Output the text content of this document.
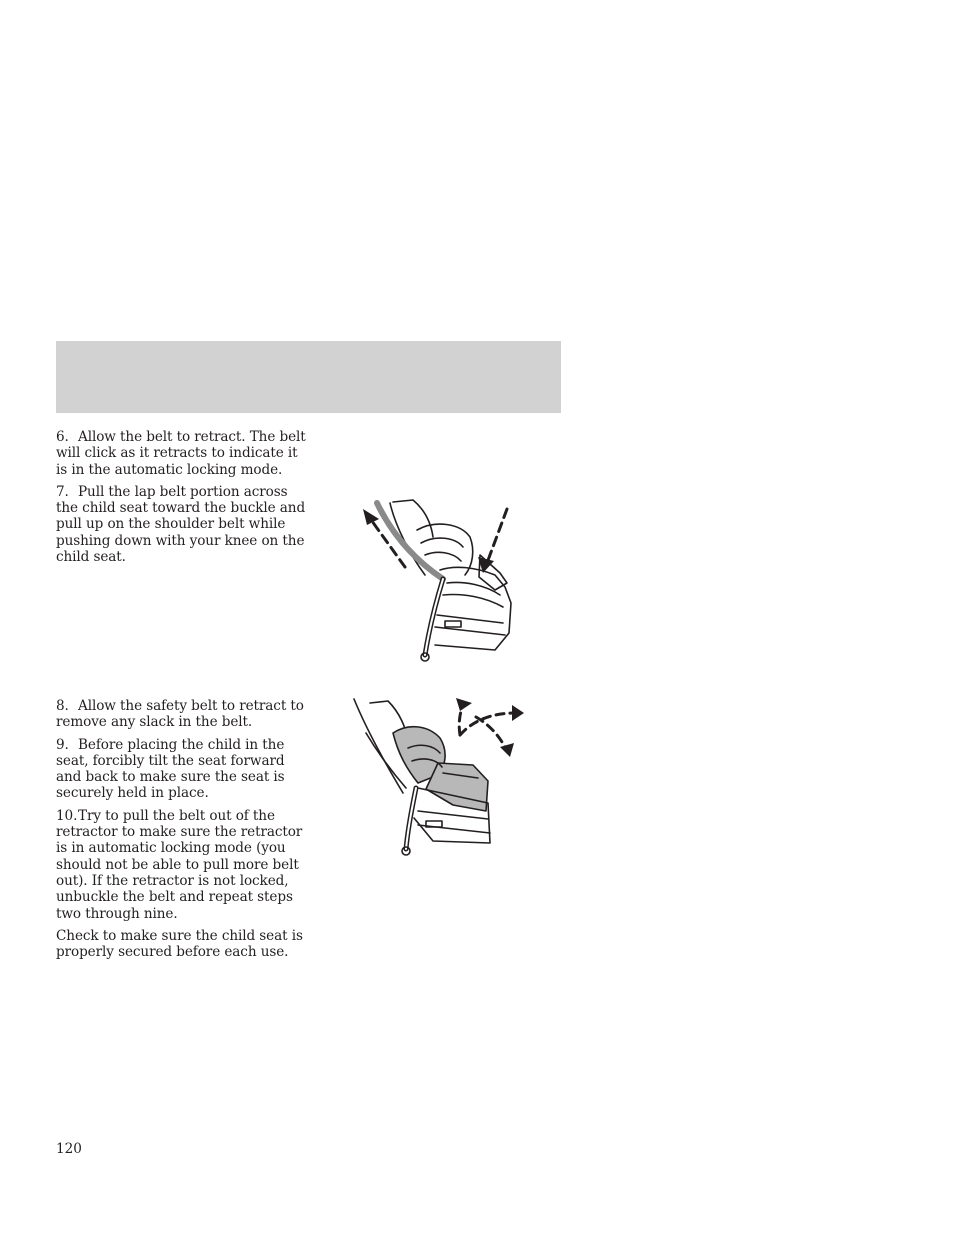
6. Allow the belt to retract. The belt will click as it retracts to indicate it is in the automatic locking mode.

7. Pull the lap belt portion across the child seat toward the buckle and pull up on the shoulder belt while pushing down with your knee on the child seat.

8. Allow the safety belt to retract to remove any slack in the belt.

9. Before placing the child in the seat, forcibly tilt the seat forward and back to make sure the seat is securely held in place.

10.Try to pull the belt out of the retractor to make sure the retractor is in automatic locking mode (you should not be able to pull more belt out). If the retractor is not locked, unbuckle the belt and repeat steps two through nine.

Check to make sure the child seat is properly secured before each use.

120
